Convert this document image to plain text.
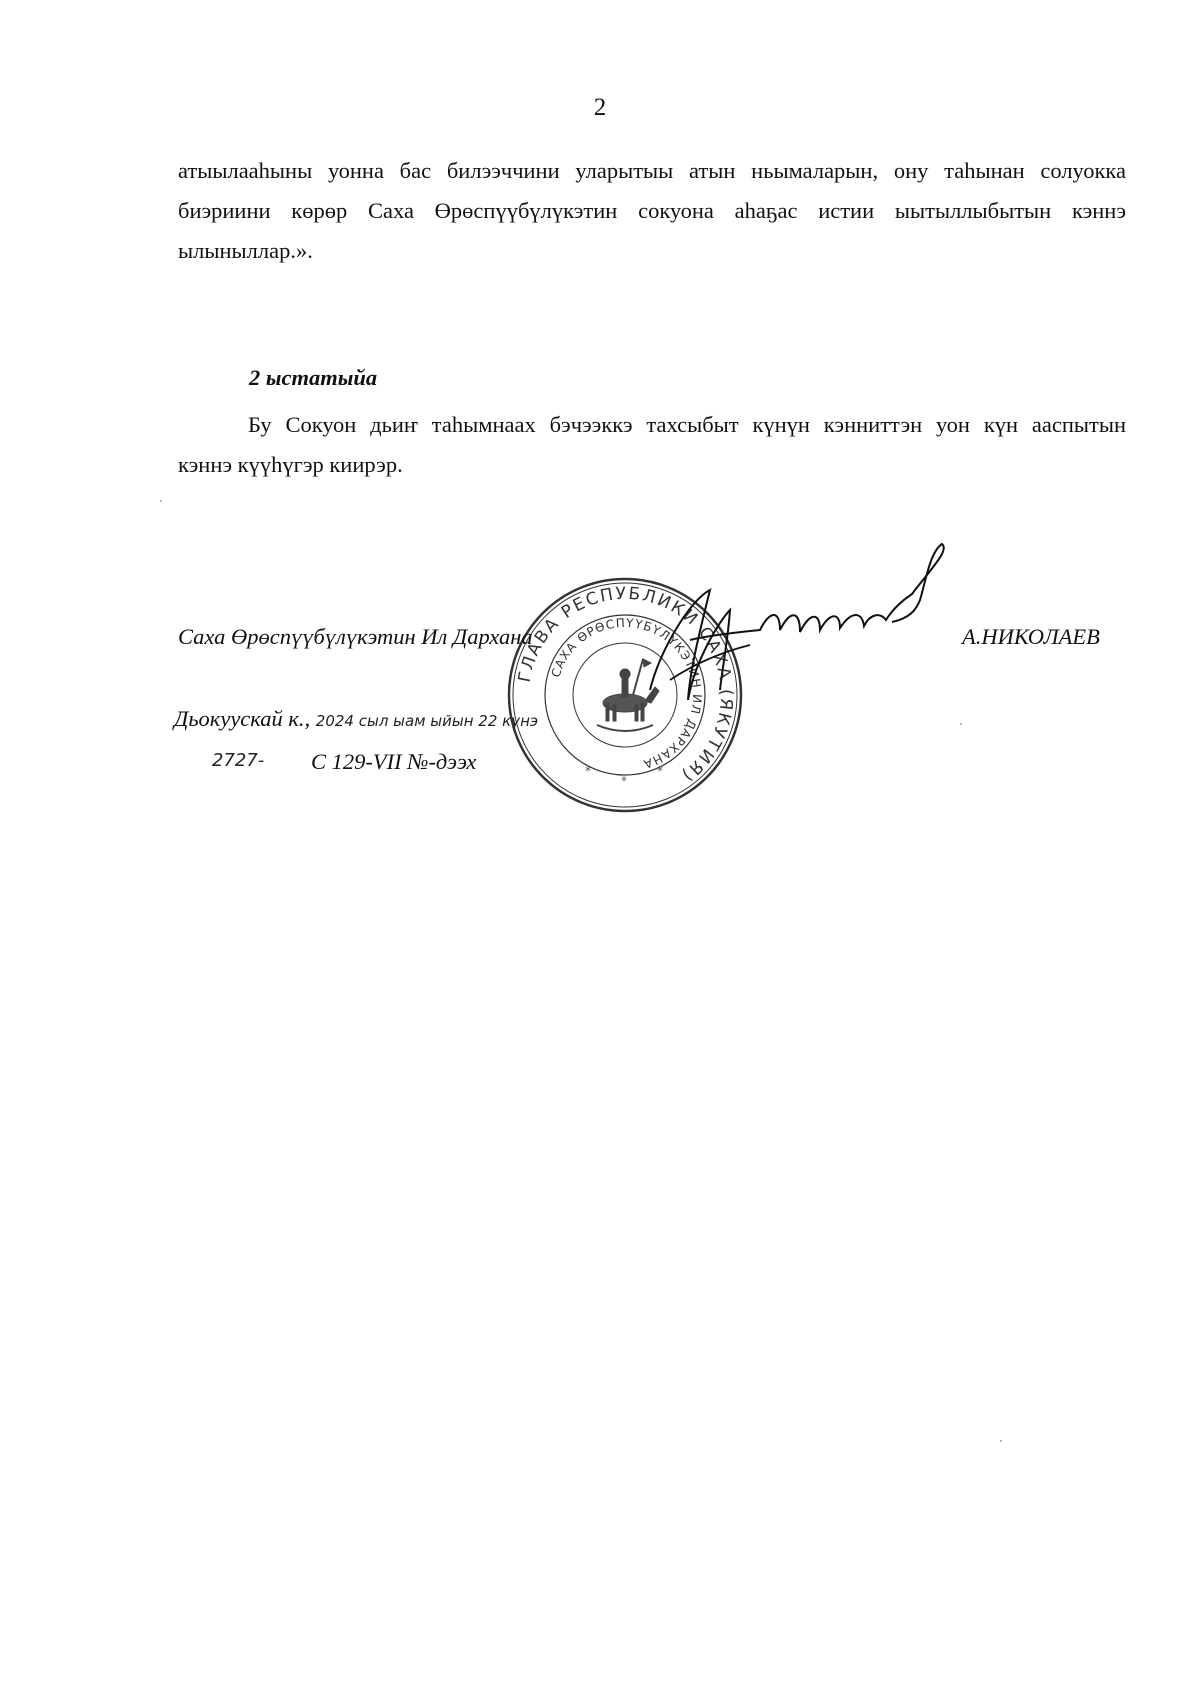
2

атыылааһыны уонна бас билээччини уларытыы атын ньымаларын, ону таһынан солуокка
биэриини көрөр Саха Өрөспүүбүлүкэтин сокуона аһаҕас истии ыытыллыбытын кэннэ
ылыныллар.».

2 ыстатыйа

Бу Сокуон дьиҥ таһымнаах бэчээккэ тахсыбыт күнүн кэнниттэн уон күн ааспытын
кэннэ күүһүгэр киирэр.

ГЛАВА РЕСПУБЛИКИ САХА (ЯКУТИЯ)
САХА ӨРӨСПҮҮБҮЛҮКЭТИН ИЛ ДАРХАНА
*
*
*
Саха Өрөспүүбүлүкэтин Ил Дархана	А.НИКОЛАЕВ
Дьокуускай к., 2024 сыл ыам ыйын 22 күнэ
2727- С 129-VII №-дээх
